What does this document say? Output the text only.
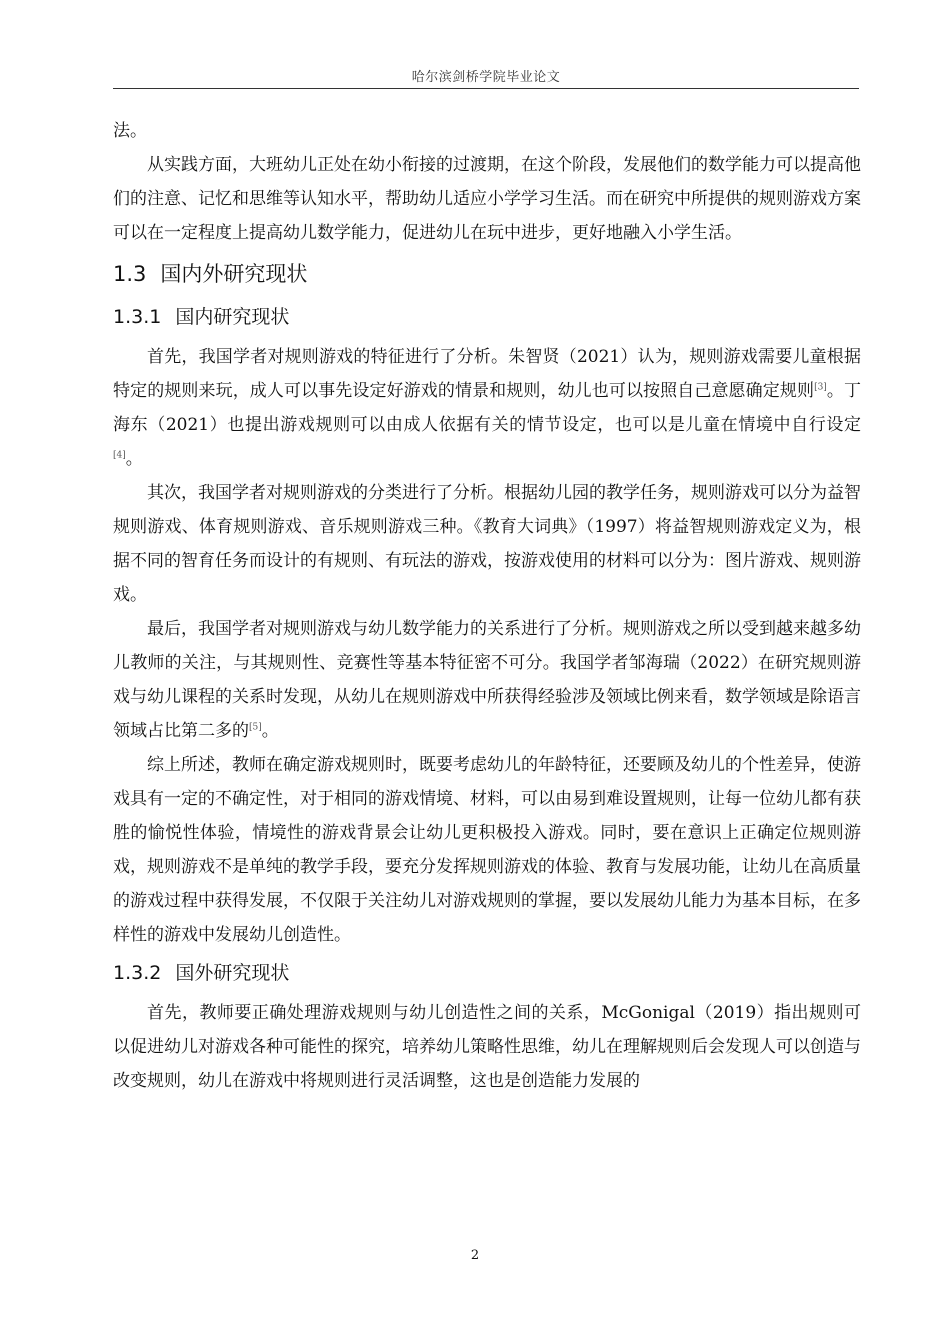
哈尔滨剑桥学院毕业论文

法。

从实践方面，大班幼儿正处在幼小衔接的过渡期，在这个阶段，发展他们的数学能力可以提高他们的注意、记忆和思维等认知水平，帮助幼儿适应小学学习生活。而在研究中所提供的规则游戏方案可以在一定程度上提高幼儿数学能力，促进幼儿在玩中进步，更好地融入小学生活。

1.3 国内外研究现状
1.3.1 国内研究现状

首先，我国学者对规则游戏的特征进行了分析。朱智贤（2021）认为，规则游戏需要儿童根据特定的规则来玩，成人可以事先设定好游戏的情景和规则，幼儿也可以按照自己意愿确定规则[3]。丁海东（2021）也提出游戏规则可以由成人依据有关的情节设定，也可以是儿童在情境中自行设定[4]。

其次，我国学者对规则游戏的分类进行了分析。根据幼儿园的教学任务，规则游戏可以分为益智规则游戏、体育规则游戏、音乐规则游戏三种。《教育大词典》（1997）将益智规则游戏定义为，根据不同的智育任务而设计的有规则、有玩法的游戏，按游戏使用的材料可以分为：图片游戏、规则游戏。

最后，我国学者对规则游戏与幼儿数学能力的关系进行了分析。规则游戏之所以受到越来越多幼儿教师的关注，与其规则性、竞赛性等基本特征密不可分。我国学者邹海瑞（2022）在研究规则游戏与幼儿课程的关系时发现，从幼儿在规则游戏中所获得经验涉及领域比例来看，数学领域是除语言领域占比第二多的[5]。

综上所述，教师在确定游戏规则时，既要考虑幼儿的年龄特征，还要顾及幼儿的个性差异，使游戏具有一定的不确定性，对于相同的游戏情境、材料，可以由易到难设置规则，让每一位幼儿都有获胜的愉悦性体验，情境性的游戏背景会让幼儿更积极投入游戏。同时，要在意识上正确定位规则游戏，规则游戏不是单纯的教学手段，要充分发挥规则游戏的体验、教育与发展功能，让幼儿在高质量的游戏过程中获得发展，不仅限于关注幼儿对游戏规则的掌握，要以发展幼儿能力为基本目标，在多样性的游戏中发展幼儿创造性。

1.3.2 国外研究现状

首先，教师要正确处理游戏规则与幼儿创造性之间的关系，McGonigal（2019）指出规则可以促进幼儿对游戏各种可能性的探究，培养幼儿策略性思维，幼儿在理解规则后会发现人可以创造与改变规则，幼儿在游戏中将规则进行灵活调整，这也是创造能力发展的

2
